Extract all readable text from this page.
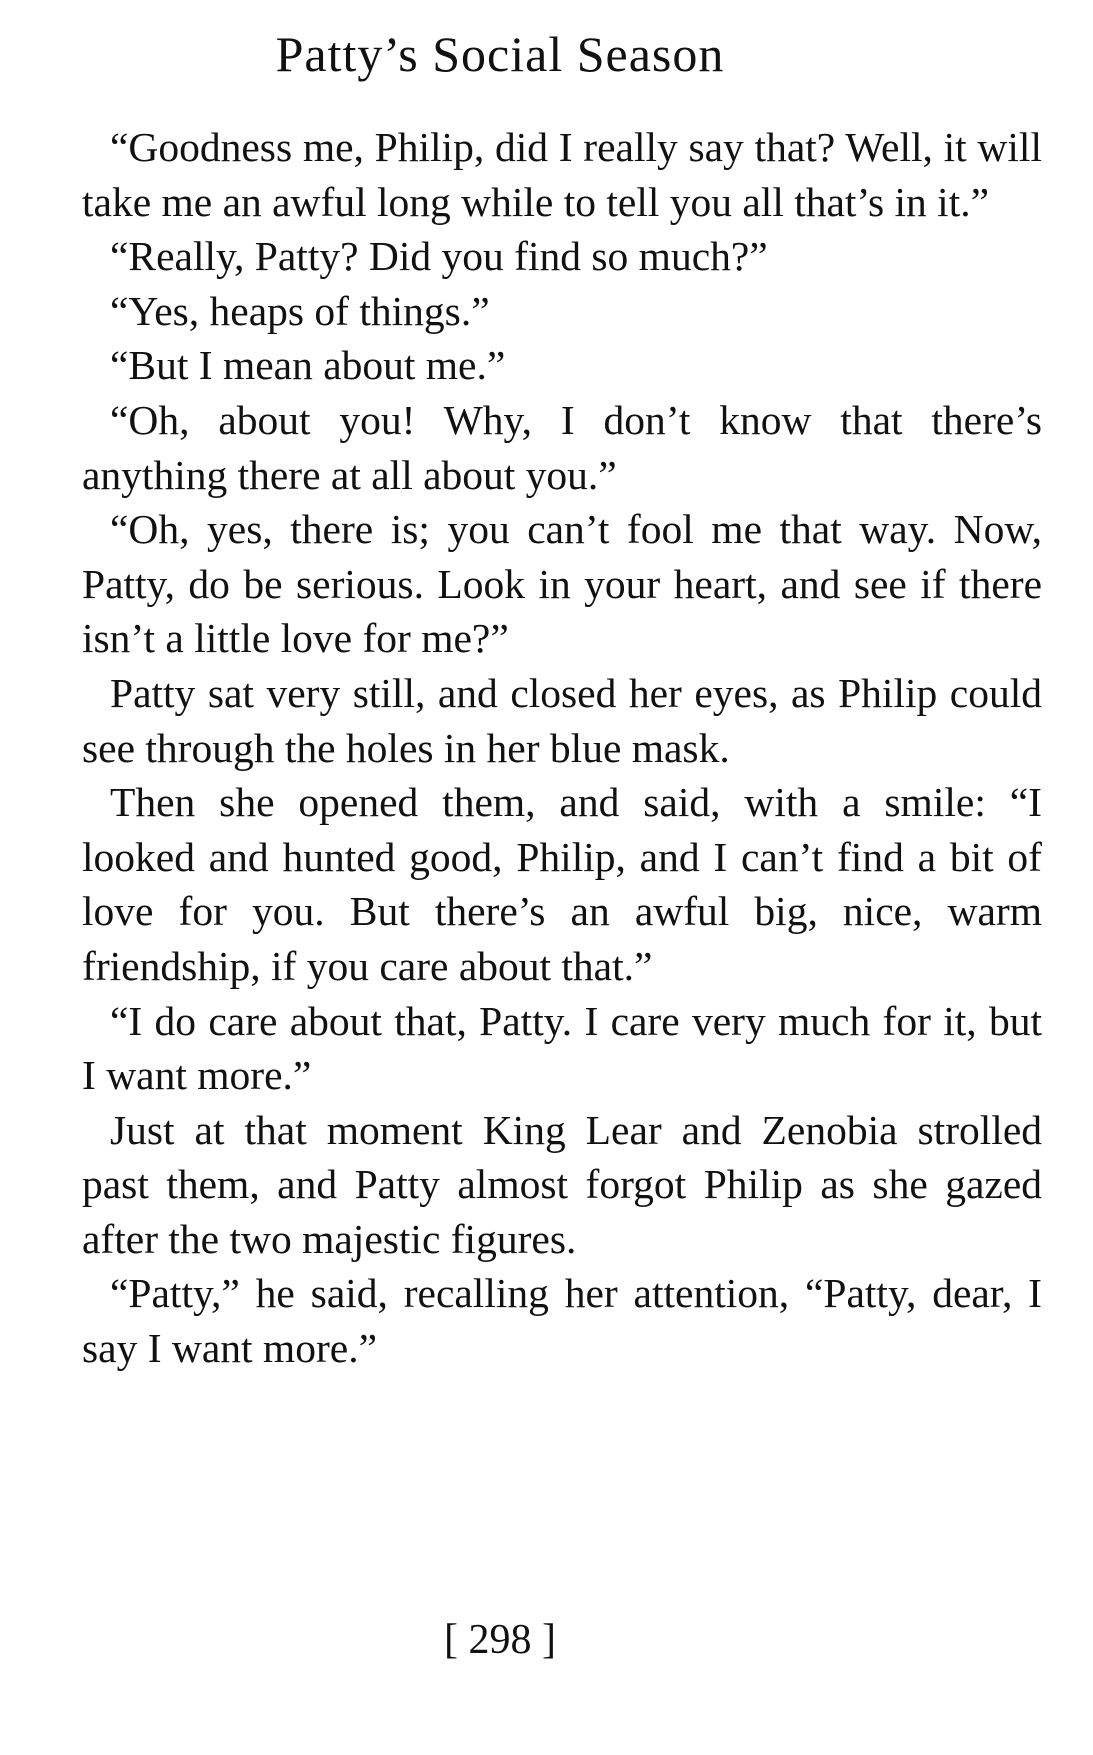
Patty’s Social Season

“Goodness me, Philip, did I really say that? Well, it will take me an awful long while to tell you all that’s in it.”

“Really, Patty? Did you find so much?”

“Yes, heaps of things.”

“But I mean about me.”

“Oh, about you! Why, I don’t know that there’s anything there at all about you.”

“Oh, yes, there is; you can’t fool me that way. Now, Patty, do be serious. Look in your heart, and see if there isn’t a little love for me?”

Patty sat very still, and closed her eyes, as Philip could see through the holes in her blue mask.

Then she opened them, and said, with a smile: “I looked and hunted good, Philip, and I can’t find a bit of love for you. But there’s an awful big, nice, warm friendship, if you care about that.”

“I do care about that, Patty. I care very much for it, but I want more.”

Just at that moment King Lear and Zenobia strolled past them, and Patty almost forgot Philip as she gazed after the two majestic figures.

“Patty,” he said, recalling her attention, “Patty, dear, I say I want more.”

[ 298 ]
